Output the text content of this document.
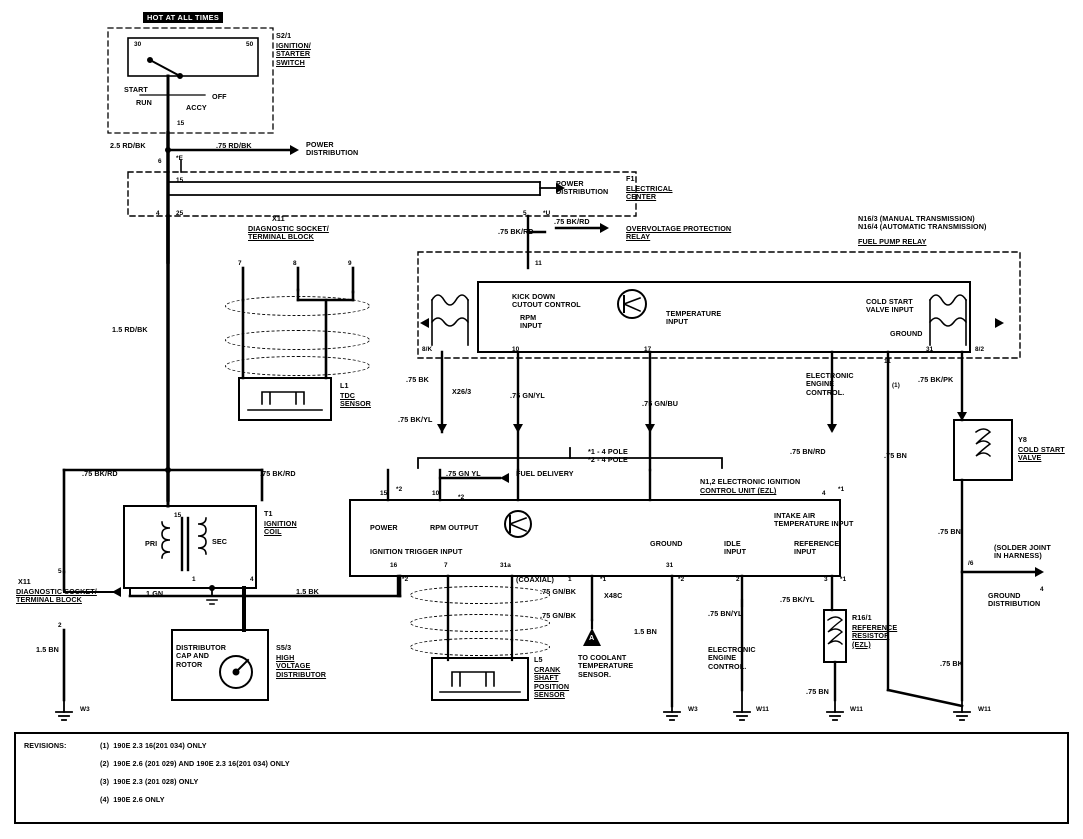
HOT AT ALL TIMES
S2/1
IGNITION/
STARTER
SWITCH
30	50
START
RUN
ACCY
OFF
15
2.5 RD/BK	.75 RD/BK	POWER
DISTRIBUTION
6 *E
15
4	25
POWER
DISTRIBUTION
F1
ELECTRICAL
CENTER
5	*U
.75 BK/RD
.75 BK/RD
OVERVOLTAGE PROTECTION
RELAY
X11
DIAGNOSTIC SOCKET/
TERMINAL BLOCK
7	8	9
L1
TDC
SENSOR
N16/3 (MANUAL TRANSMISSION)
N16/4 (AUTOMATIC TRANSMISSION)
FUEL PUMP RELAY
KICK DOWN
CUTOUT CONTROL
RPM
INPUT
TEMPERATURE
INPUT
COLD START
VALVE INPUT
GROUND
8/K	10	17	31
11
8/2
11
.75 BK
.75 BK/YL
X26/3	.75 GN/YL
.75 GN/BU
.75 BN/RD	.75 BN
.75 BK/PK
ELECTRONIC
ENGINE
CONTROL.
(1)
Y8
COLD START
VALVE
.75 BN
.75 BK
(SOLDER JOINT
IN HARNESS)
/6
4
GROUND
DISTRIBUTION
*1 - 4 POLE
*2 - 4 POLE
FUEL DELIVERY
.75 GN YL
N1,2 ELECTRONIC IGNITION
CONTROL UNIT (EZL)
1.5 RD/BK
.75 BK/RD	.75 BK/RD
15
1	4
PRI	SEC
T1
IGNITION
COIL
X11
DIAGNOSTIC SOCKET/
TERMINAL BLOCK
5
2
1.5 BN
1 GN	1.5 BK
DISTRIBUTOR
CAP AND
ROTOR
S5/3
HIGH
VOLTAGE
DISTRIBUTOR
POWER	RPM OUTPUT
IGNITION TRIGGER INPUT
GROUND	IDLE
INPUT
INTAKE AIR
TEMPERATURE INPUT
REFERENCE
INPUT
15
*2
10
*2
4
*1
16	7	31a
*2	*1
31
*2	2	3 *1
1
(COAXIAL)
.75 GN/BK
.75 GN/BK
X48C
TO COOLANT
TEMPERATURE
SENSOR.
A
1.5 BN
.75 BN/YL
.75 BK/YL
.75 BN
ELECTRONIC
ENGINE
CONTROL.
R16/1
REFERENCE
RESISTOR
(EZL)
L5
CRANK
SHAFT
POSITION
SENSOR
W3	W3	W11	W11	W11
REVISIONS:	(1)  190E 2.3 16(201 034) ONLY
(2)  190E 2.6 (201 029) AND 190E 2.3 16(201 034) ONLY
(3)  190E 2.3 (201 028) ONLY
(4)  190E 2.6 ONLY
